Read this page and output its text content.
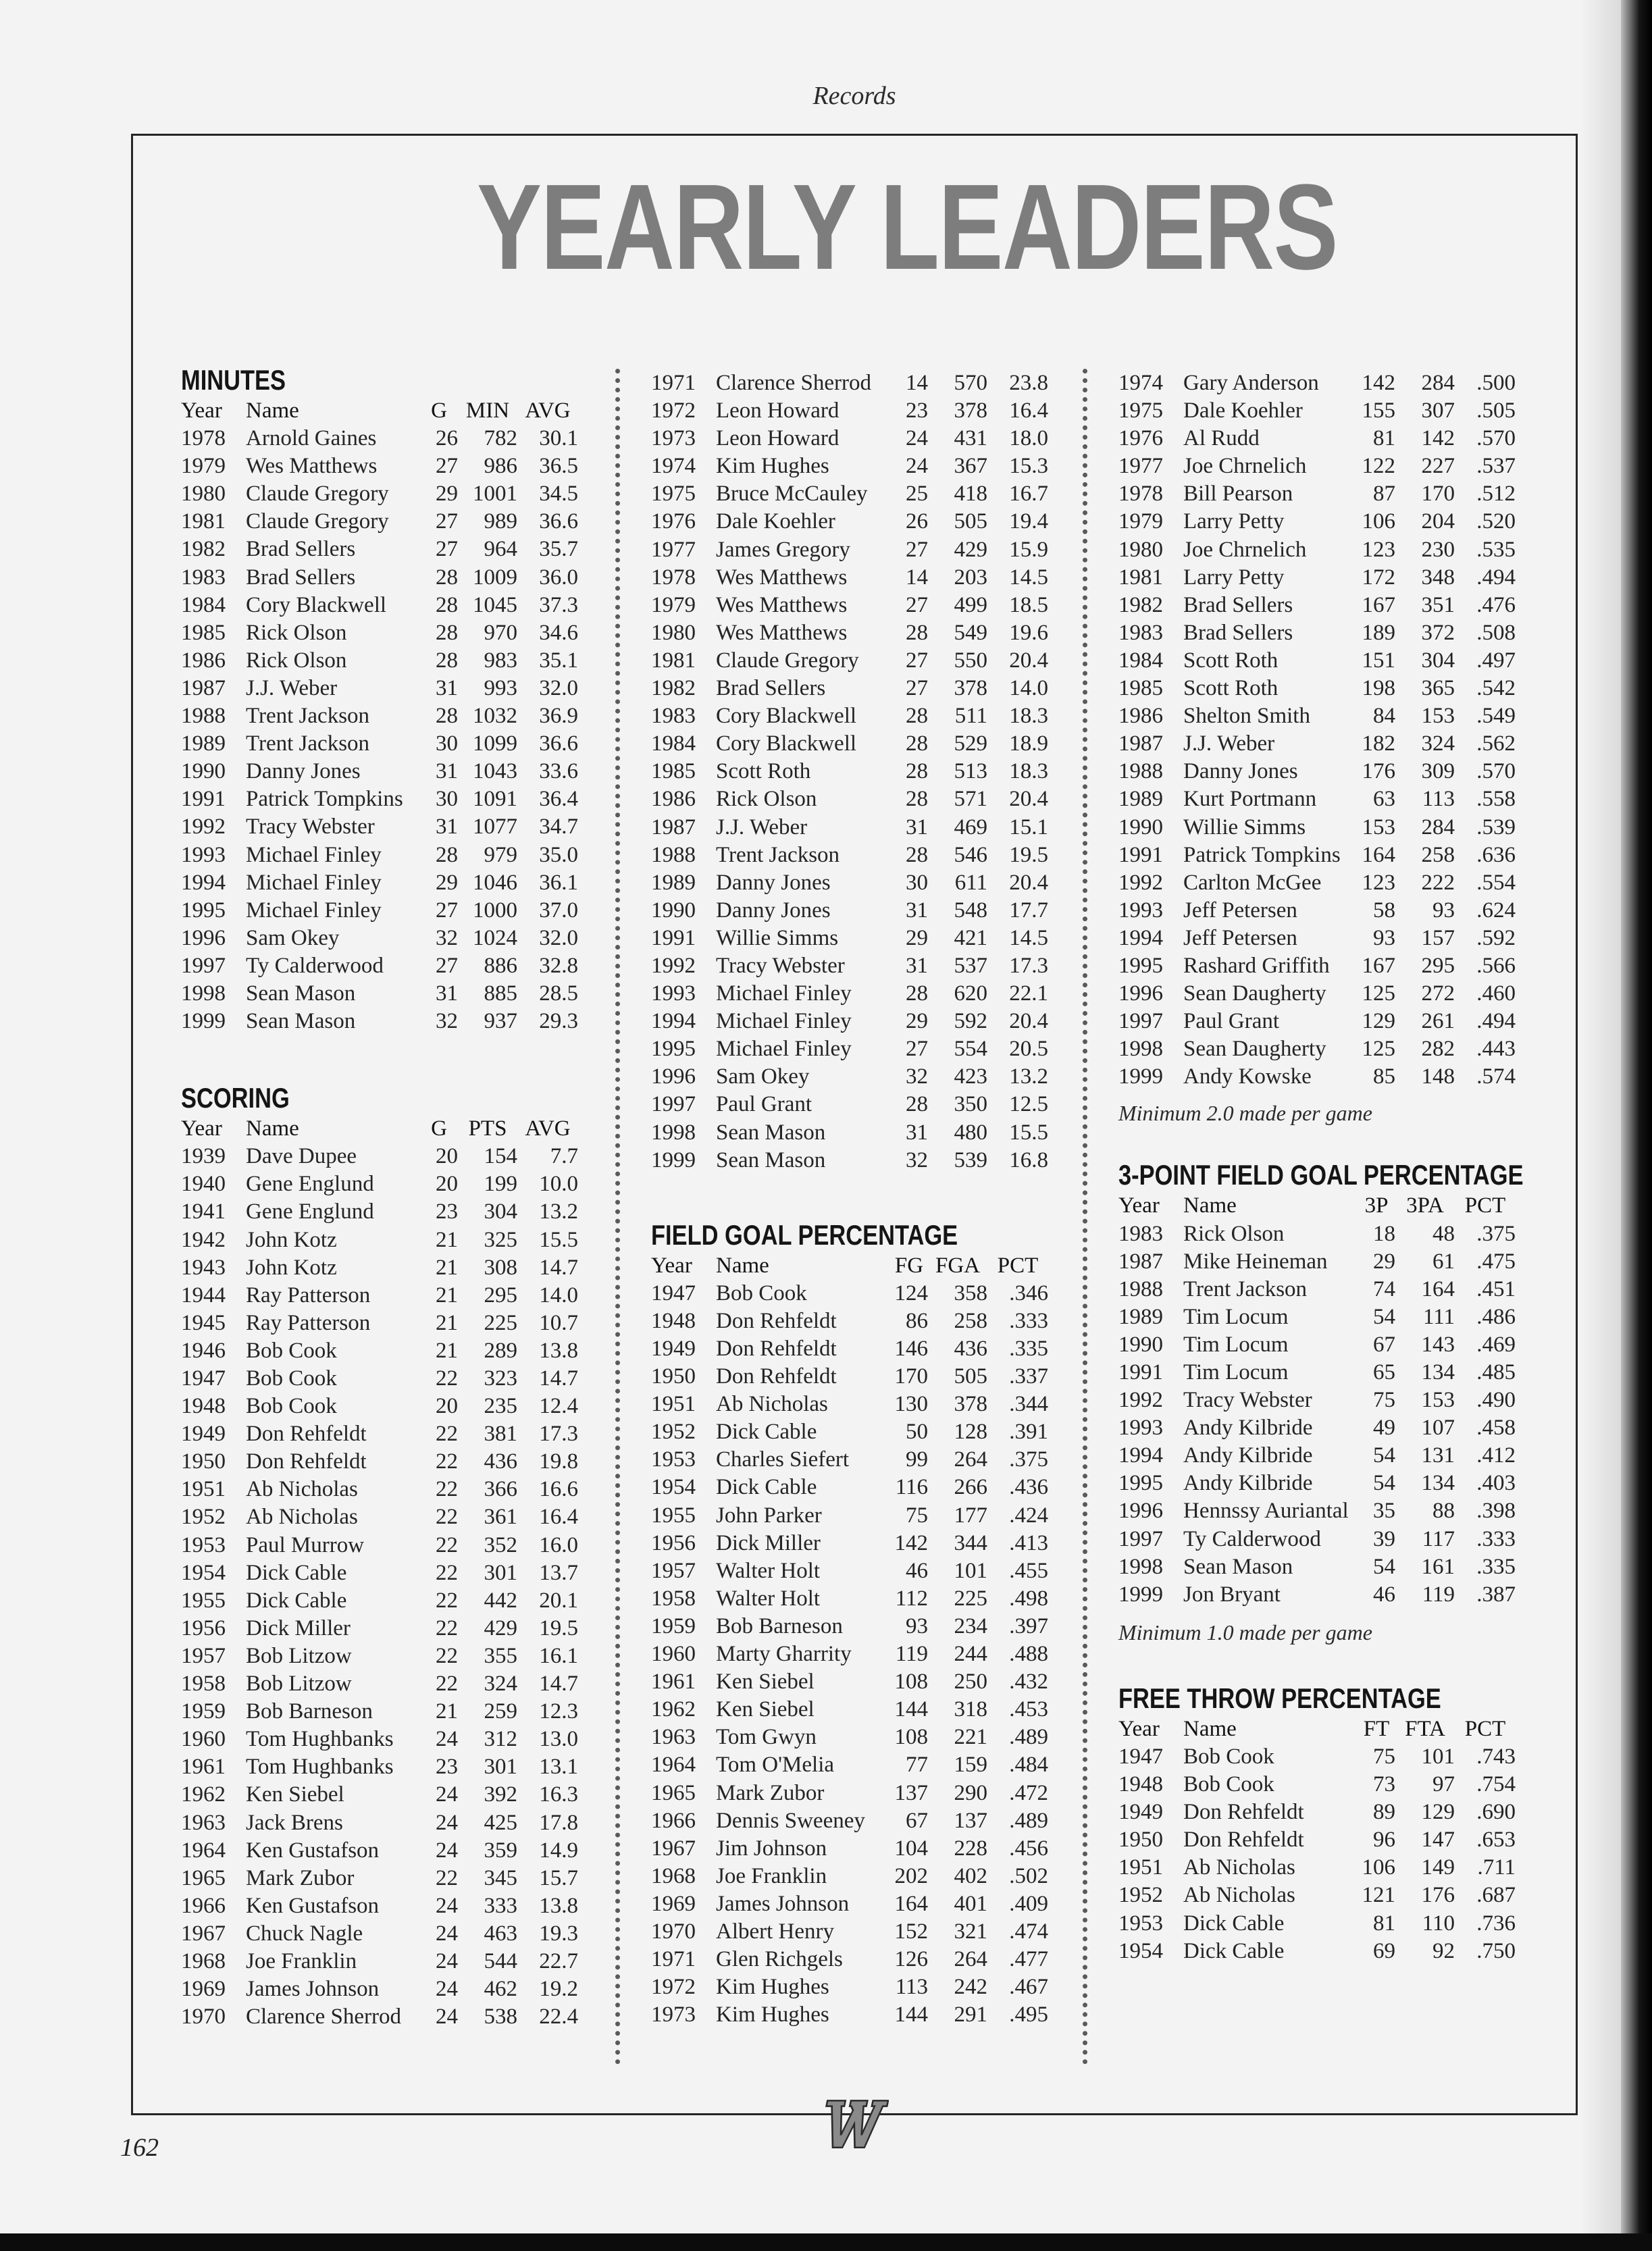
Records
YEARLY LEADERS
MINUTES
Year	Name	G	MIN	AVG
1978	Arnold Gaines	26	782	30.1
1979	Wes Matthews	27	986	36.5
1980	Claude Gregory	29	1001	34.5
1981	Claude Gregory	27	989	36.6
1982	Brad Sellers	27	964	35.7
1983	Brad Sellers	28	1009	36.0
1984	Cory Blackwell	28	1045	37.3
1985	Rick Olson	28	970	34.6
1986	Rick Olson	28	983	35.1
1987	J.J. Weber	31	993	32.0
1988	Trent Jackson	28	1032	36.9
1989	Trent Jackson	30	1099	36.6
1990	Danny Jones	31	1043	33.6
1991	Patrick Tompkins	30	1091	36.4
1992	Tracy Webster	31	1077	34.7
1993	Michael Finley	28	979	35.0
1994	Michael Finley	29	1046	36.1
1995	Michael Finley	27	1000	37.0
1996	Sam Okey	32	1024	32.0
1997	Ty Calderwood	27	886	32.8
1998	Sean Mason	31	885	28.5
1999	Sean Mason	32	937	29.3
SCORING
Year	Name	G	PTS	AVG
1939	Dave Dupee	20	154	7.7
1940	Gene Englund	20	199	10.0
1941	Gene Englund	23	304	13.2
1942	John Kotz	21	325	15.5
1943	John Kotz	21	308	14.7
1944	Ray Patterson	21	295	14.0
1945	Ray Patterson	21	225	10.7
1946	Bob Cook	21	289	13.8
1947	Bob Cook	22	323	14.7
1948	Bob Cook	20	235	12.4
1949	Don Rehfeldt	22	381	17.3
1950	Don Rehfeldt	22	436	19.8
1951	Ab Nicholas	22	366	16.6
1952	Ab Nicholas	22	361	16.4
1953	Paul Murrow	22	352	16.0
1954	Dick Cable	22	301	13.7
1955	Dick Cable	22	442	20.1
1956	Dick Miller	22	429	19.5
1957	Bob Litzow	22	355	16.1
1958	Bob Litzow	22	324	14.7
1959	Bob Barneson	21	259	12.3
1960	Tom Hughbanks	24	312	13.0
1961	Tom Hughbanks	23	301	13.1
1962	Ken Siebel	24	392	16.3
1963	Jack Brens	24	425	17.8
1964	Ken Gustafson	24	359	14.9
1965	Mark Zubor	22	345	15.7
1966	Ken Gustafson	24	333	13.8
1967	Chuck Nagle	24	463	19.3
1968	Joe Franklin	24	544	22.7
1969	James Johnson	24	462	19.2
1970	Clarence Sherrod	24	538	22.4
1971	Clarence Sherrod	14	570	23.8
1972	Leon Howard	23	378	16.4
1973	Leon Howard	24	431	18.0
1974	Kim Hughes	24	367	15.3
1975	Bruce McCauley	25	418	16.7
1976	Dale Koehler	26	505	19.4
1977	James Gregory	27	429	15.9
1978	Wes Matthews	14	203	14.5
1979	Wes Matthews	27	499	18.5
1980	Wes Matthews	28	549	19.6
1981	Claude Gregory	27	550	20.4
1982	Brad Sellers	27	378	14.0
1983	Cory Blackwell	28	511	18.3
1984	Cory Blackwell	28	529	18.9
1985	Scott Roth	28	513	18.3
1986	Rick Olson	28	571	20.4
1987	J.J. Weber	31	469	15.1
1988	Trent Jackson	28	546	19.5
1989	Danny Jones	30	611	20.4
1990	Danny Jones	31	548	17.7
1991	Willie Simms	29	421	14.5
1992	Tracy Webster	31	537	17.3
1993	Michael Finley	28	620	22.1
1994	Michael Finley	29	592	20.4
1995	Michael Finley	27	554	20.5
1996	Sam Okey	32	423	13.2
1997	Paul Grant	28	350	12.5
1998	Sean Mason	31	480	15.5
1999	Sean Mason	32	539	16.8
FIELD GOAL PERCENTAGE
Year	Name	FG	FGA	PCT
1947	Bob Cook	124	358	.346
1948	Don Rehfeldt	86	258	.333
1949	Don Rehfeldt	146	436	.335
1950	Don Rehfeldt	170	505	.337
1951	Ab Nicholas	130	378	.344
1952	Dick Cable	50	128	.391
1953	Charles Siefert	99	264	.375
1954	Dick Cable	116	266	.436
1955	John Parker	75	177	.424
1956	Dick Miller	142	344	.413
1957	Walter Holt	46	101	.455
1958	Walter Holt	112	225	.498
1959	Bob Barneson	93	234	.397
1960	Marty Gharrity	119	244	.488
1961	Ken Siebel	108	250	.432
1962	Ken Siebel	144	318	.453
1963	Tom Gwyn	108	221	.489
1964	Tom O'Melia	77	159	.484
1965	Mark Zubor	137	290	.472
1966	Dennis Sweeney	67	137	.489
1967	Jim Johnson	104	228	.456
1968	Joe Franklin	202	402	.502
1969	James Johnson	164	401	.409
1970	Albert Henry	152	321	.474
1971	Glen Richgels	126	264	.477
1972	Kim Hughes	113	242	.467
1973	Kim Hughes	144	291	.495
1974	Gary Anderson	142	284	.500
1975	Dale Koehler	155	307	.505
1976	Al Rudd	81	142	.570
1977	Joe Chrnelich	122	227	.537
1978	Bill Pearson	87	170	.512
1979	Larry Petty	106	204	.520
1980	Joe Chrnelich	123	230	.535
1981	Larry Petty	172	348	.494
1982	Brad Sellers	167	351	.476
1983	Brad Sellers	189	372	.508
1984	Scott Roth	151	304	.497
1985	Scott Roth	198	365	.542
1986	Shelton Smith	84	153	.549
1987	J.J. Weber	182	324	.562
1988	Danny Jones	176	309	.570
1989	Kurt Portmann	63	113	.558
1990	Willie Simms	153	284	.539
1991	Patrick Tompkins	164	258	.636
1992	Carlton McGee	123	222	.554
1993	Jeff Petersen	58	93	.624
1994	Jeff Petersen	93	157	.592
1995	Rashard Griffith	167	295	.566
1996	Sean Daugherty	125	272	.460
1997	Paul Grant	129	261	.494
1998	Sean Daugherty	125	282	.443
1999	Andy Kowske	85	148	.574
Minimum 2.0 made per game
3-POINT FIELD GOAL PERCENTAGE
Year	Name	3P	3PA	PCT
1983	Rick Olson	18	48	.375
1987	Mike Heineman	29	61	.475
1988	Trent Jackson	74	164	.451
1989	Tim Locum	54	111	.486
1990	Tim Locum	67	143	.469
1991	Tim Locum	65	134	.485
1992	Tracy Webster	75	153	.490
1993	Andy Kilbride	49	107	.458
1994	Andy Kilbride	54	131	.412
1995	Andy Kilbride	54	134	.403
1996	Hennssy Auriantal	35	88	.398
1997	Ty Calderwood	39	117	.333
1998	Sean Mason	54	161	.335
1999	Jon Bryant	46	119	.387
Minimum 1.0 made per game
FREE THROW PERCENTAGE
Year	Name	FT	FTA	PCT
1947	Bob Cook	75	101	.743
1948	Bob Cook	73	97	.754
1949	Don Rehfeldt	89	129	.690
1950	Don Rehfeldt	96	147	.653
1951	Ab Nicholas	106	149	.711
1952	Ab Nicholas	121	176	.687
1953	Dick Cable	81	110	.736
1954	Dick Cable	69	92	.750
162
